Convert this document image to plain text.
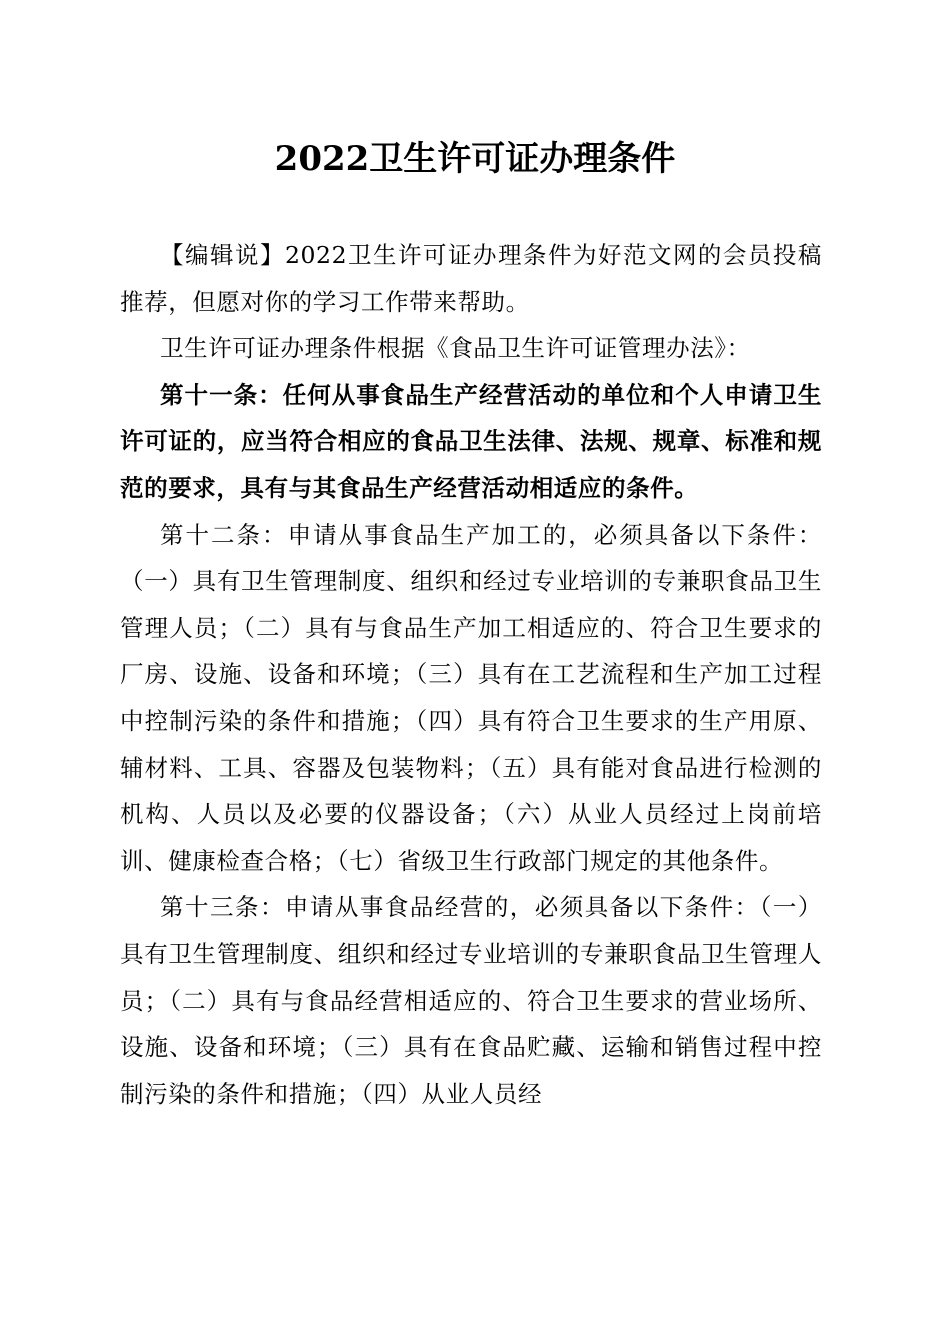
2022卫生许可证办理条件

【编辑说】2022卫生许可证办理条件为好范文网的会员投稿推荐，但愿对你的学习工作带来帮助。

卫生许可证办理条件根据《食品卫生许可证管理办法》：

第十一条：任何从事食品生产经营活动的单位和个人申请卫生许可证的，应当符合相应的食品卫生法律、法规、规章、标准和规范的要求，具有与其食品生产经营活动相适应的条件。

第十二条：申请从事食品生产加工的，必须具备以下条件：（一）具有卫生管理制度、组织和经过专业培训的专兼职食品卫生管理人员；（二）具有与食品生产加工相适应的、符合卫生要求的厂房、设施、设备和环境；（三）具有在工艺流程和生产加工过程中控制污染的条件和措施；（四）具有符合卫生要求的生产用原、辅材料、工具、容器及包装物料；（五）具有能对食品进行检测的机构、人员以及必要的仪器设备；（六）从业人员经过上岗前培训、健康检查合格；（七）省级卫生行政部门规定的其他条件。

第十三条：申请从事食品经营的，必须具备以下条件：（一）具有卫生管理制度、组织和经过专业培训的专兼职食品卫生管理人员；（二）具有与食品经营相适应的、符合卫生要求的营业场所、设施、设备和环境；（三）具有在食品贮藏、运输和销售过程中控制污染的条件和措施；（四）从业人员经
